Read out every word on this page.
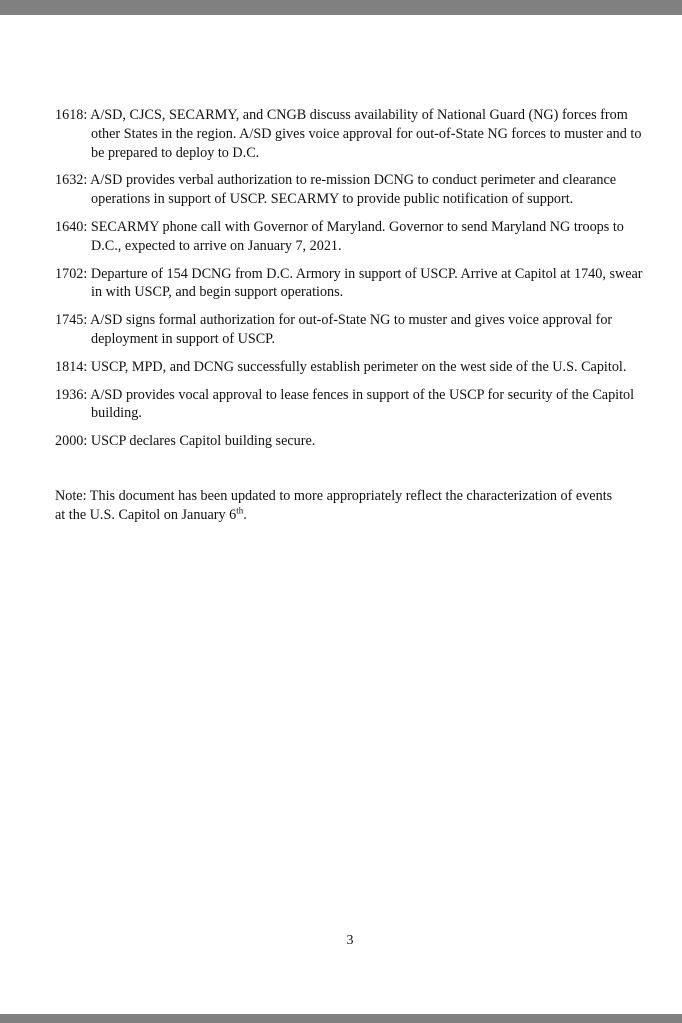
1618: A/SD, CJCS, SECARMY, and CNGB discuss availability of National Guard (NG) forces from other States in the region. A/SD gives voice approval for out-of-State NG forces to muster and to be prepared to deploy to D.C.
1632: A/SD provides verbal authorization to re-mission DCNG to conduct perimeter and clearance operations in support of USCP. SECARMY to provide public notification of support.
1640: SECARMY phone call with Governor of Maryland. Governor to send Maryland NG troops to D.C., expected to arrive on January 7, 2021.
1702: Departure of 154 DCNG from D.C. Armory in support of USCP. Arrive at Capitol at 1740, swear in with USCP, and begin support operations.
1745: A/SD signs formal authorization for out-of-State NG to muster and gives voice approval for deployment in support of USCP.
1814: USCP, MPD, and DCNG successfully establish perimeter on the west side of the U.S. Capitol.
1936: A/SD provides vocal approval to lease fences in support of the USCP for security of the Capitol building.
2000: USCP declares Capitol building secure.
Note: This document has been updated to more appropriately reflect the characterization of events at the U.S. Capitol on January 6th.
3
